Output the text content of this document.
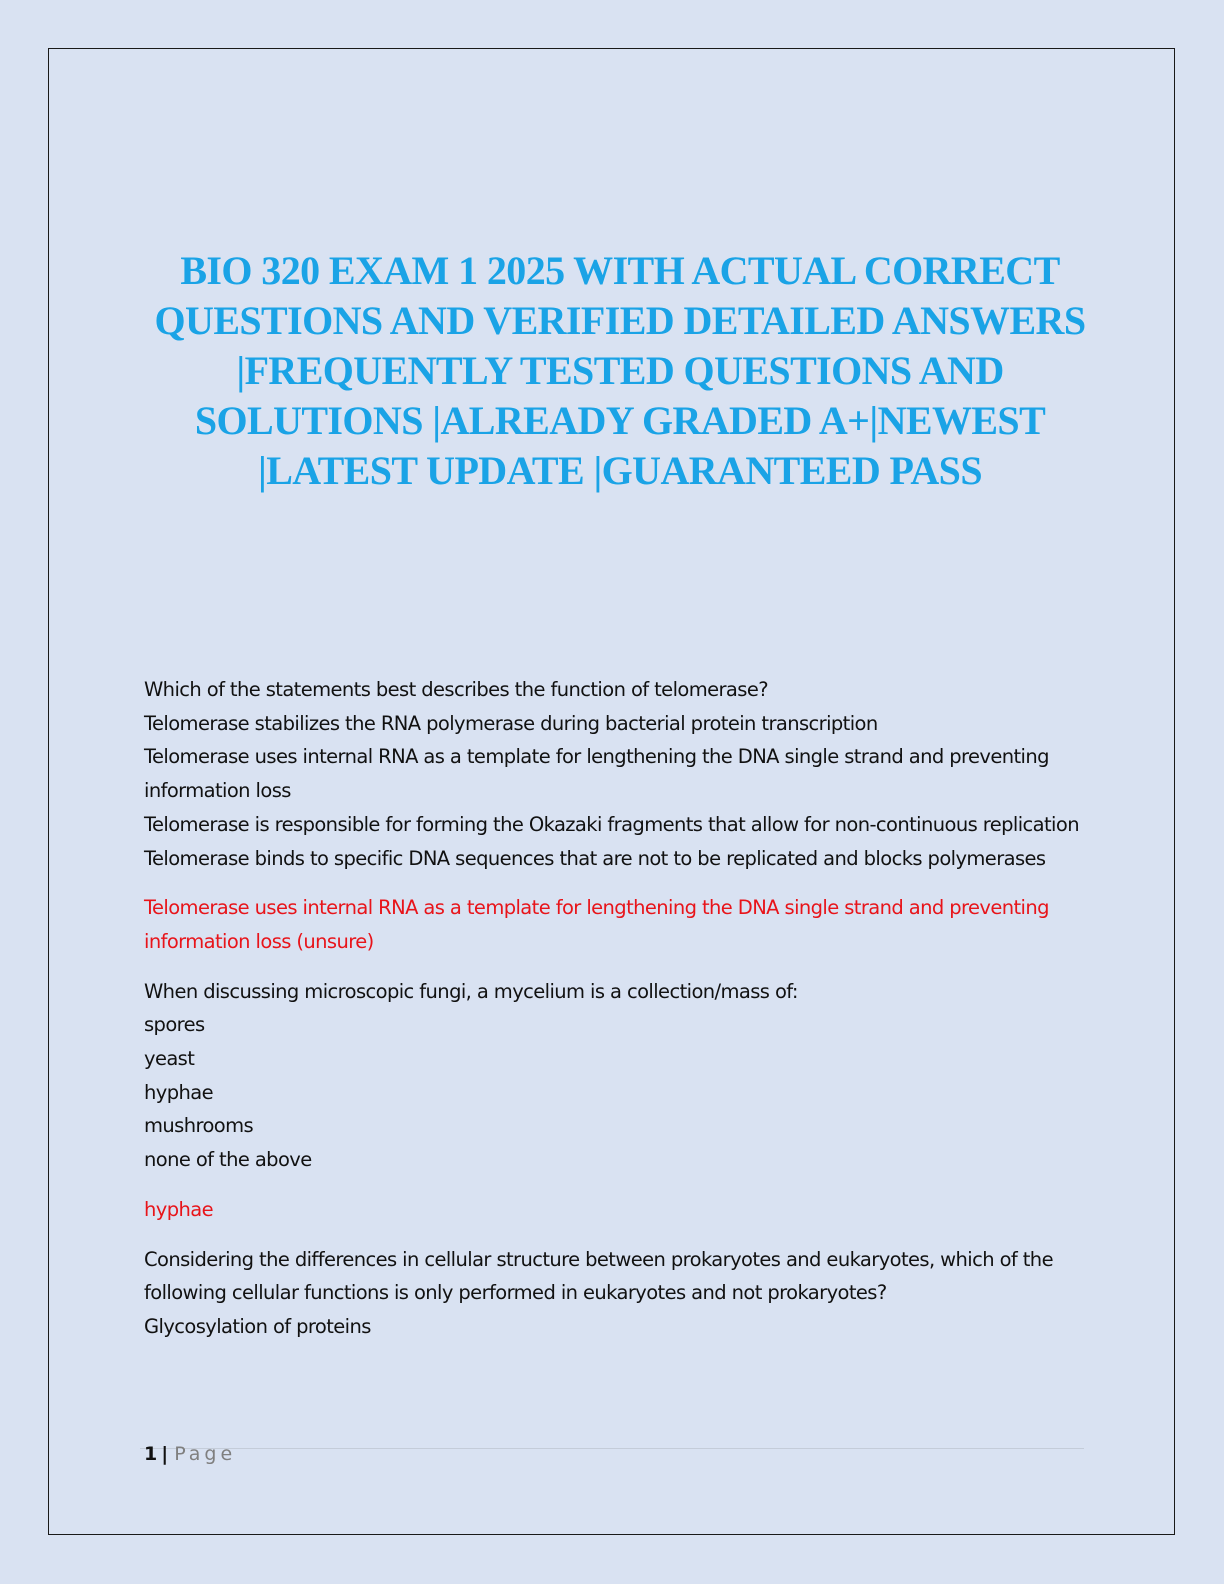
BIO 320 EXAM 1 2025 WITH ACTUAL CORRECT QUESTIONS AND VERIFIED DETAILED ANSWERS |FREQUENTLY TESTED QUESTIONS AND SOLUTIONS |ALREADY GRADED A+|NEWEST |LATEST UPDATE |GUARANTEED PASS

Which of the statements best describes the function of telomerase?

Telomerase stabilizes the RNA polymerase during bacterial protein transcription

Telomerase uses internal RNA as a template for lengthening the DNA single strand and preventing information loss

Telomerase is responsible for forming the Okazaki fragments that allow for non-continuous replication

Telomerase binds to specific DNA sequences that are not to be replicated and blocks polymerases

Telomerase uses internal RNA as a template for lengthening the DNA single strand and preventing information loss (unsure)

When discussing microscopic fungi, a mycelium is a collection/mass of:

spores

yeast

hyphae

mushrooms

none of the above

hyphae

Considering the differences in cellular structure between prokaryotes and eukaryotes, which of the following cellular functions is only performed in eukaryotes and not prokaryotes?

Glycosylation of proteins

1 | Page
